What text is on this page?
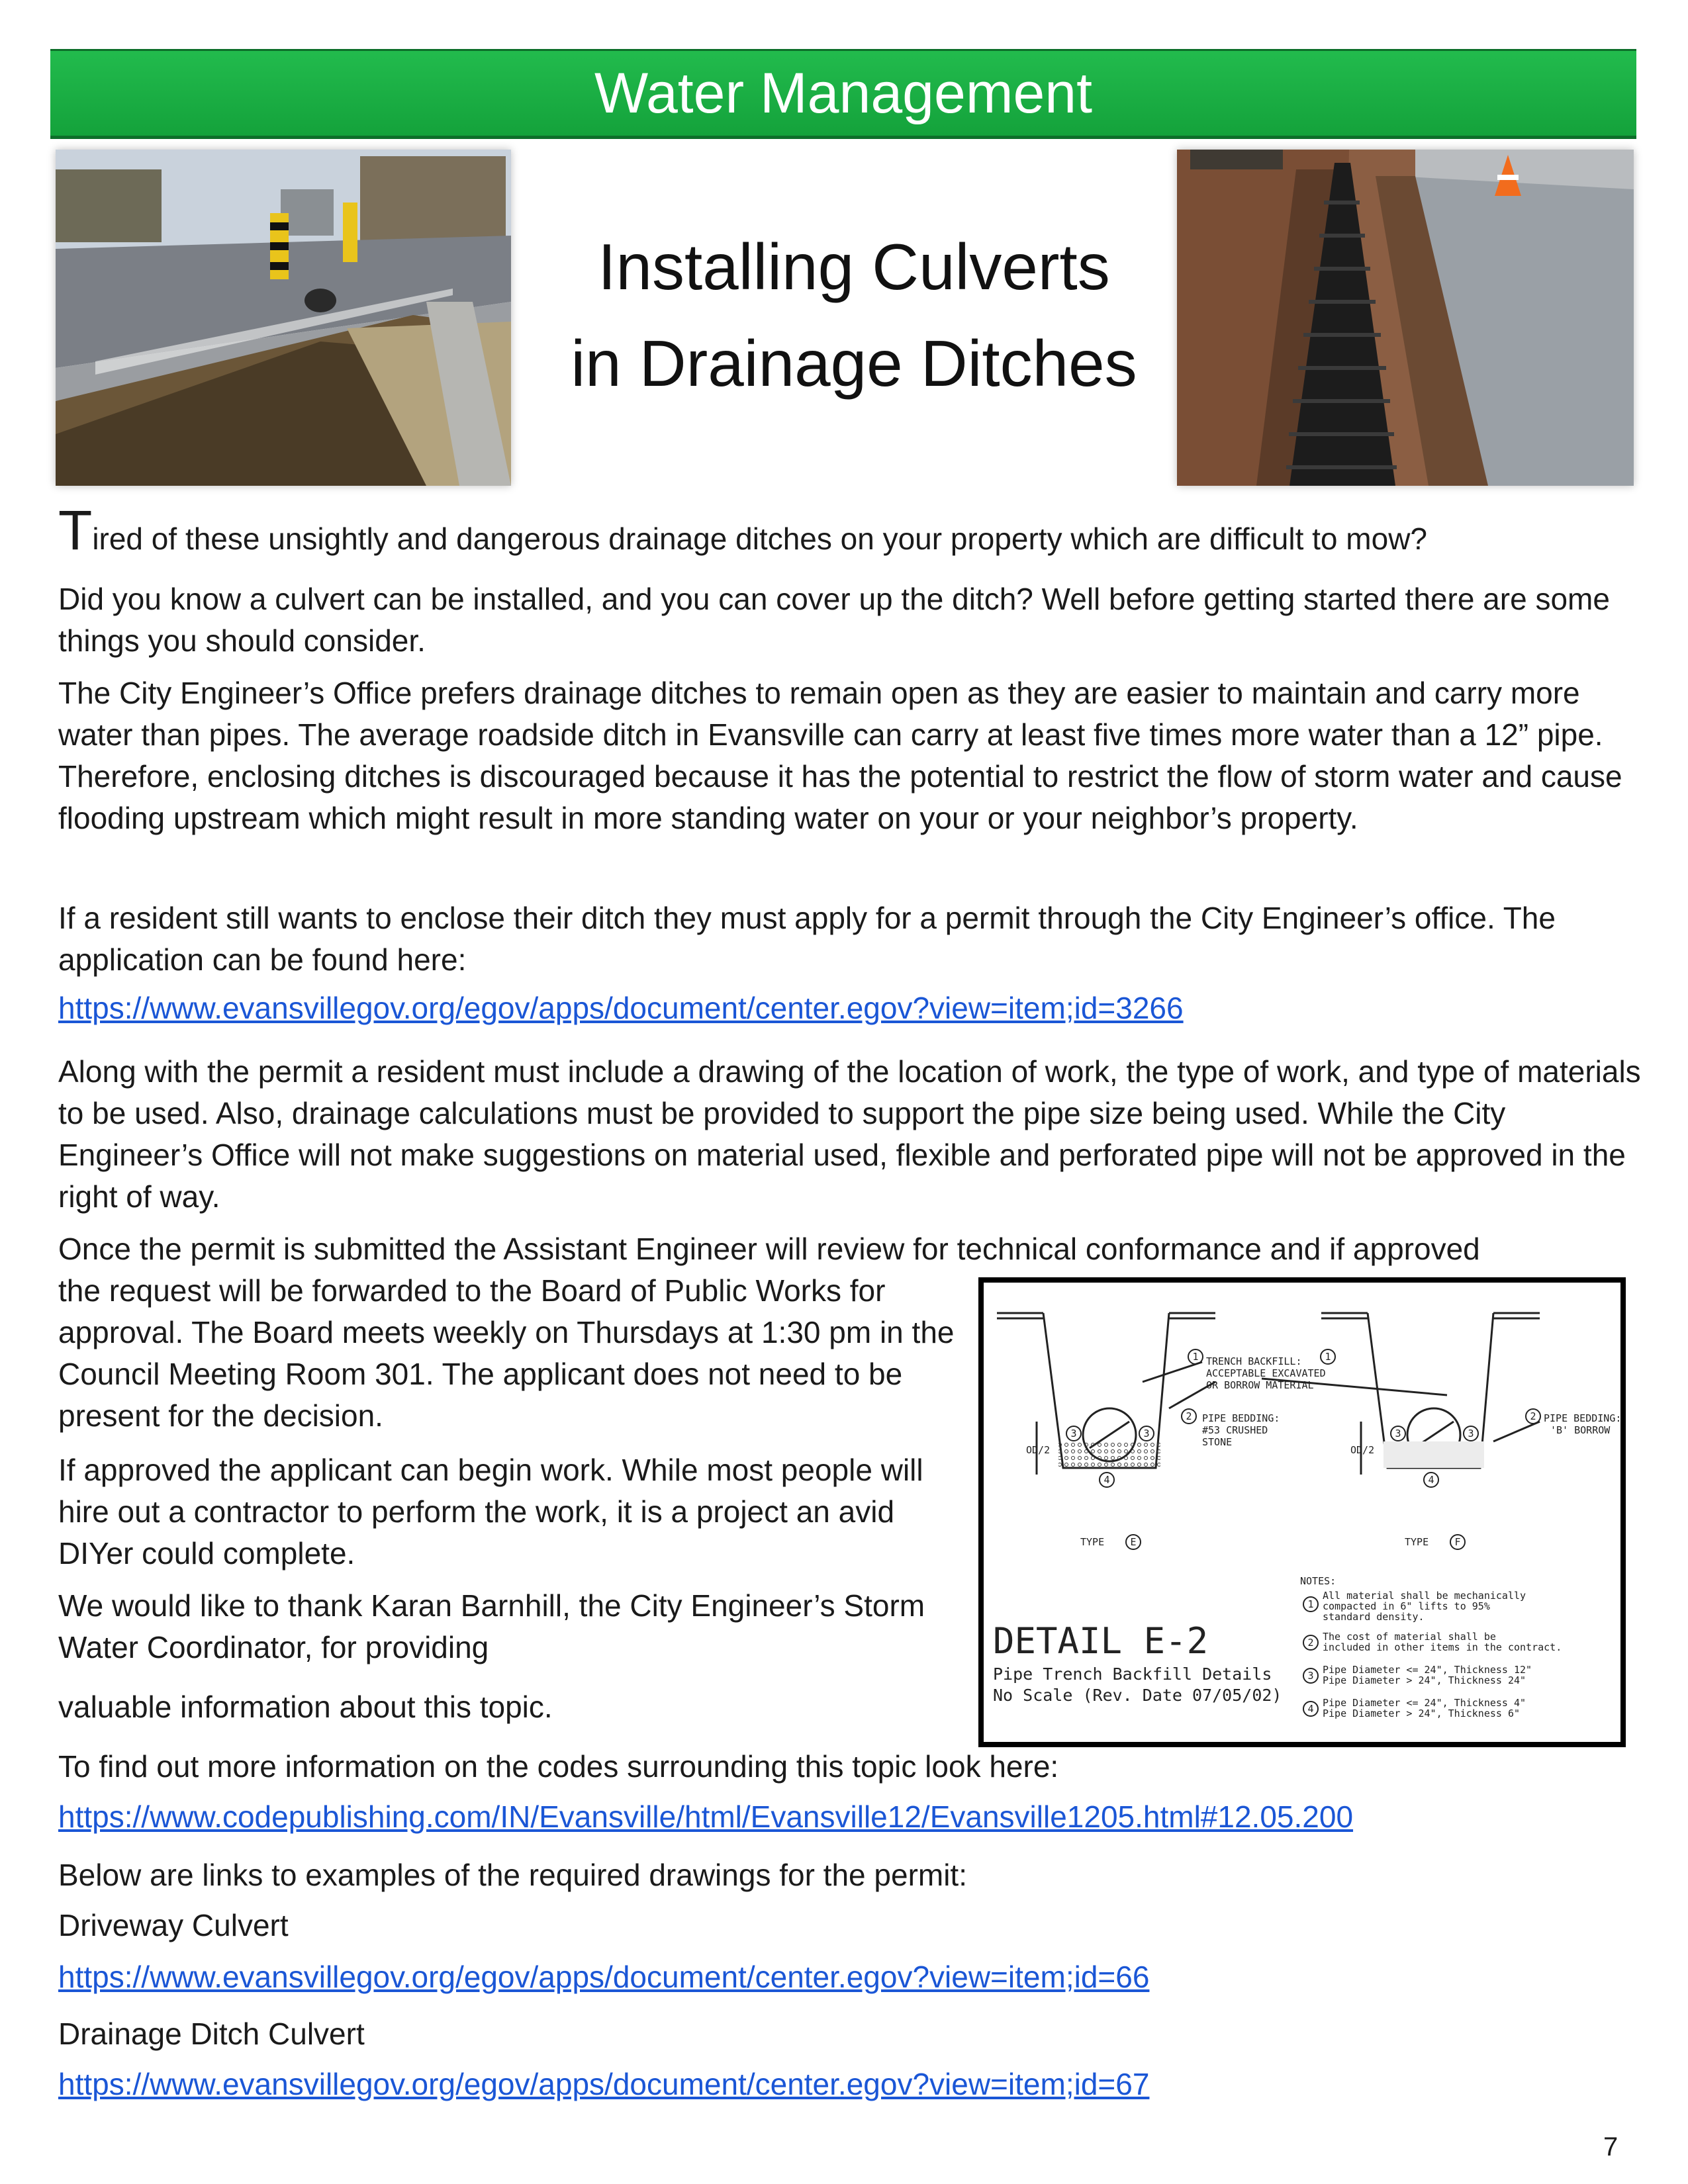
Water Management
Installing Culverts
in Drainage Ditches

Tired of these unsightly and dangerous drainage ditches on your property which are difficult to mow?

Did you know a culvert can be installed, and you can cover up the ditch? Well before getting started there are some things you should consider.

The City Engineer’s Office prefers drainage ditches to remain open as they are easier to maintain and carry more water than pipes. The average roadside ditch in Evansville can carry at least five times more water than a 12” pipe. Therefore, enclosing ditches is discouraged because it has the potential to restrict the flow of storm water and cause flooding upstream which might result in more standing water on your or your neighbor’s property.

If a resident still wants to enclose their ditch they must apply for a permit through the City Engineer’s office. The application can be found here:

https://www.evansvillegov.org/egov/apps/document/center.egov?view=item;id=3266

Along with the permit a resident must include a drawing of the location of work, the type of work, and type of materials to be used. Also, drainage calculations must be provided to support the pipe size being used. While the City Engineer’s Office will not make suggestions on material used, flexible and perforated pipe will not be approved in the right of way.

Once the permit is submitted the Assistant Engineer will review for technical conformance and if approved

the request will be forwarded to the Board of Public Works for approval. The Board meets weekly on Thursdays at 1:30 pm in the Council Meeting Room 301. The applicant does not need to be present for the decision.

If approved the applicant can begin work. While most people will hire out a contractor to perform the work, it is a project an avid DIYer could complete.

We would like to thank Karan Barnhill, the City Engineer’s Storm Water Coordinator, for providing

valuable information about this topic.

To find out more information on the codes surrounding this topic look here:

https://www.codepublishing.com/IN/Evansville/html/Evansville12/Evansville1205.html#12.05.200

Below are links to examples of the required drawings for the permit:

Driveway Culvert

https://www.evansvillegov.org/egov/apps/document/center.egov?view=item;id=66

Drainage Ditch Culvert

https://www.evansvillegov.org/egov/apps/document/center.egov?view=item;id=67

1	1
3	3
2
3	3
2
4	4
E	F
1
2
3
4
TRENCH BACKFILL:
ACCEPTABLE EXCAVATED
OR BORROW MATERIAL
PIPE BEDDING:
#53 CRUSHED
STONE
PIPE BEDDING:
'B' BORROW
OD/2	OD/2
TYPE	TYPE
NOTES:
All material shall be mechanically
compacted in 6" lifts to 95%
standard density.
The cost of material shall be
included in other items in the contract.
Pipe Diameter <= 24", Thickness 12"
Pipe Diameter > 24", Thickness 24"
Pipe Diameter <= 24", Thickness 4"
Pipe Diameter > 24", Thickness 6"
DETAIL E-2
Pipe Trench Backfill Details
No Scale (Rev. Date 07/05/02)
7
